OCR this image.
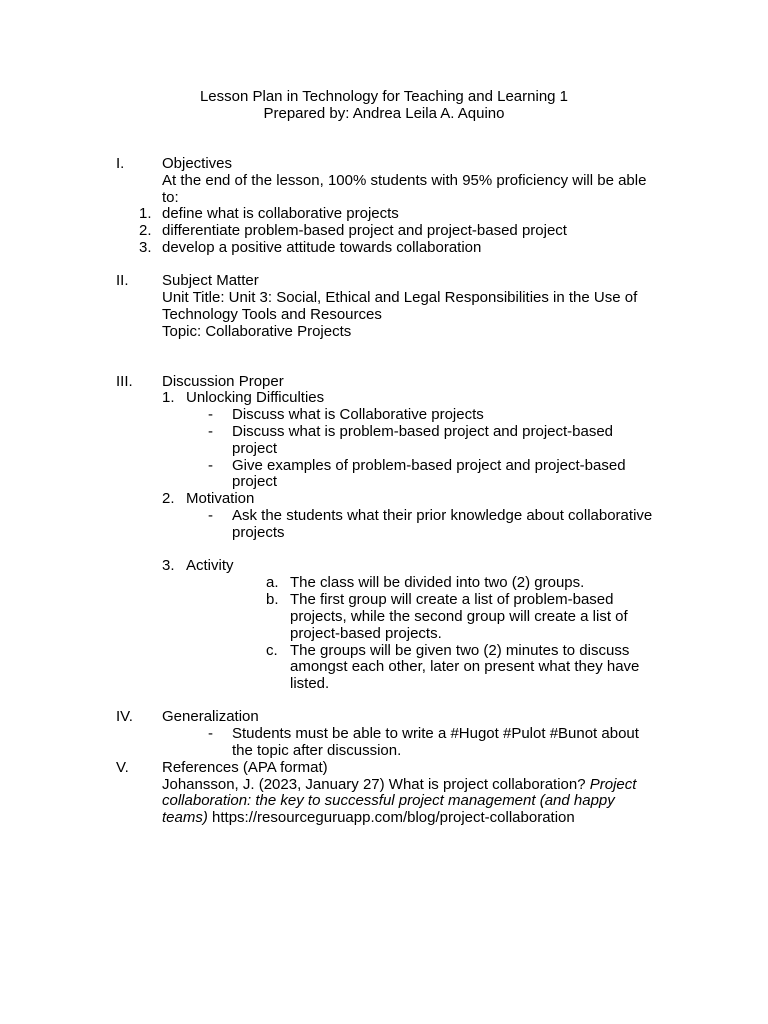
Lesson Plan in Technology for Teaching and Learning 1
Prepared by: Andrea Leila A. Aquino
I.	Objectives
At the end of the lesson, 100% students with 95% proficiency will be able
to:
1. define what is collaborative projects
2. differentiate problem-based project and project-based project
3. develop a positive attitude towards collaboration
II. Subject Matter
Unit Title: Unit 3: Social, Ethical and Legal Responsibilities in the Use of
Technology Tools and Resources
Topic: Collaborative Projects
III. Discussion Proper
1. Unlocking Difficulties
- Discuss what is Collaborative projects
- Discuss what is problem-based project and project-based
project
- Give examples of problem-based project and project-based
project
2. Motivation
- Ask the students what their prior knowledge about collaborative
projects
3. Activity
a. The class will be divided into two (2) groups.
b. The first group will create a list of problem-based
projects, while the second group will create a list of
project-based projects.
c. The groups will be given two (2) minutes to discuss
amongst each other, later on present what they have
listed.
IV. Generalization
- Students must be able to write a #Hugot #Pulot #Bunot about
the topic after discussion.
V. References (APA format)
Johansson, J. (2023, January 27) What is project collaboration? Project
collaboration: the key to successful project management (and happy
teams) https://resourceguruapp.com/blog/project-collaboration
